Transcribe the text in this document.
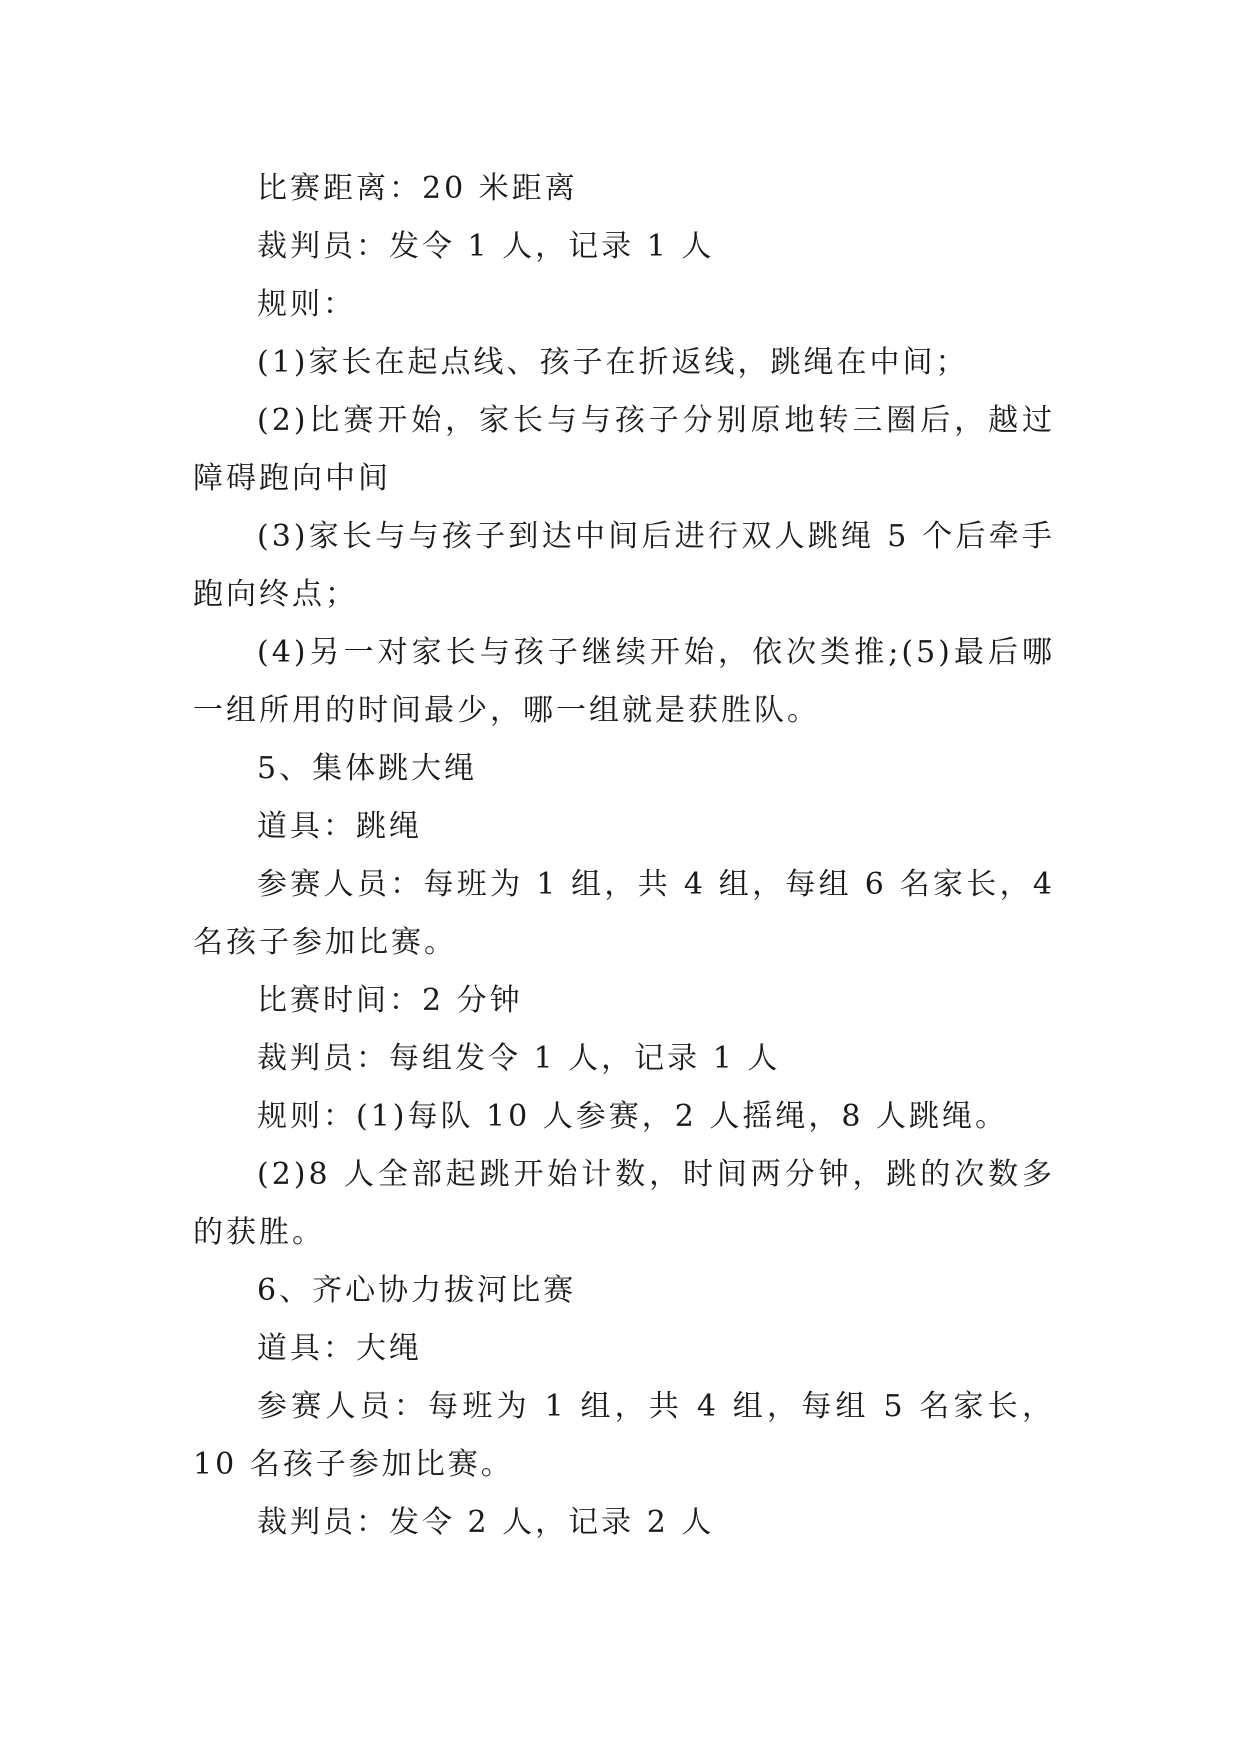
比赛距离：20 米距离

裁判员：发令 1 人，记录 1 人

规则：

(1)家长在起点线、孩子在折返线，跳绳在中间；

(2)比赛开始，家长与与孩子分别原地转三圈后，越过障碍跑向中间

(3)家长与与孩子到达中间后进行双人跳绳 5 个后牵手跑向终点；

(4)另一对家长与孩子继续开始，依次类推;(5)最后哪一组所用的时间最少，哪一组就是获胜队。

5、集体跳大绳

道具：跳绳

参赛人员：每班为 1 组，共 4 组，每组 6 名家长，4 名孩子参加比赛。

比赛时间：2 分钟

裁判员：每组发令 1 人，记录 1 人

规则：(1)每队 10 人参赛，2 人摇绳，8 人跳绳。

(2)8 人全部起跳开始计数，时间两分钟，跳的次数多的获胜。

6、齐心协力拔河比赛

道具：大绳

参赛人员：每班为 1 组，共 4 组，每组 5 名家长，10 名孩子参加比赛。

裁判员：发令 2 人，记录 2 人
